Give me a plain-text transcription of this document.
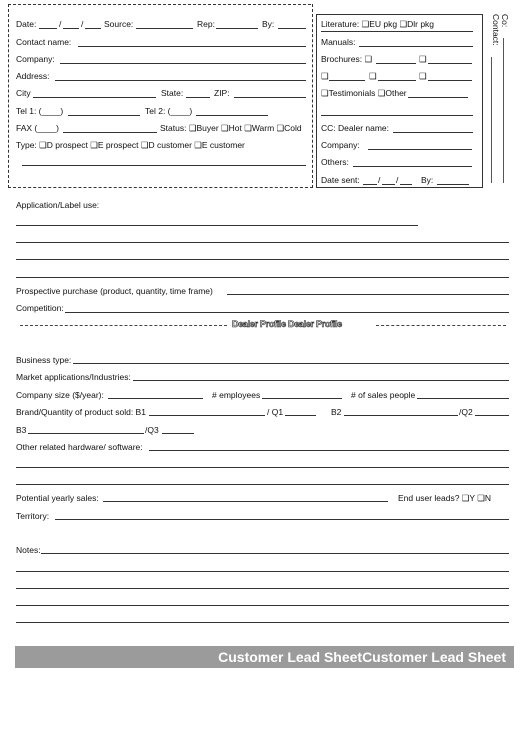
Date:	/ / Source:	Rep:	By:
Contact name:
Company:
Address:
City	State:	ZIP:
Tel 1: (____)	Tel 2: (____)
FAX (____)	Status: ❑Buyer ❑Hot ❑Warm ❑Cold
Type: ❑D prospect ❑E prospect ❑D customer ❑E customer
Literature: ❑EU pkg ❑Dlr pkg
Manuals:
Brochures: ❑	❑
❑	❑	❑
❑Testimonials ❑Other
CC: Dealer name:
Company:
Others:
Date sent: / /	By:
Co:
Contact:
Application/Label use:
Prospective purchase (product, quantity, time frame)
Competition:
Dealer Profile Dealer Profile
Business type:
Market applications/Industries:
Company size ($/year):	# employees	# of sales people
Brand/Quantity of product sold: B1	/ Q1	B2	/Q2
B3	/Q3
Other related hardware/ software:
Potential yearly sales:	End user leads? ❑Y ❑N
Territory:
Notes:
Customer Lead SheetCustomer Lead Sheet
